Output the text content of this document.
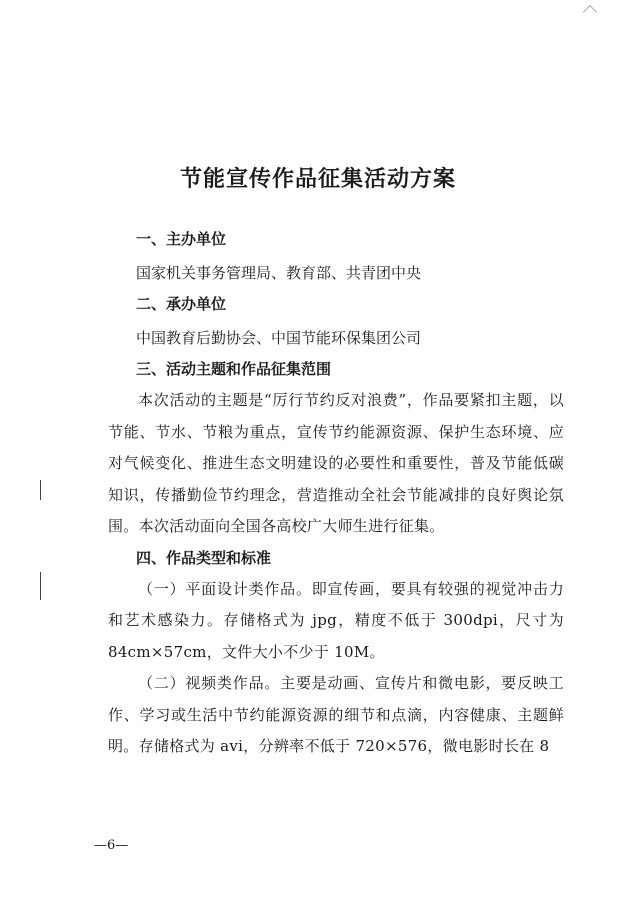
节能宣传作品征集活动方案

一、主办单位

国家机关事务管理局、教育部、共青团中央

二、承办单位

中国教育后勤协会、中国节能环保集团公司

三、活动主题和作品征集范围

本次活动的主题是“厉行节约反对浪费”，作品要紧扣主题，以节能、节水、节粮为重点，宣传节约能源资源、保护生态环境、应对气候变化、推进生态文明建设的必要性和重要性，普及节能低碳知识，传播勤俭节约理念，营造推动全社会节能减排的良好舆论氛围。本次活动面向全国各高校广大师生进行征集。

四、作品类型和标准

（一）平面设计类作品。即宣传画，要具有较强的视觉冲击力和艺术感染力。存储格式为 jpg，精度不低于 300dpi，尺寸为 84cm×57cm，文件大小不少于 10M。

（二）视频类作品。主要是动画、宣传片和微电影，要反映工作、学习或生活中节约能源资源的细节和点滴，内容健康、主题鲜明。存储格式为 avi，分辨率不低于 720×576，微电影时长在 8

—6—
